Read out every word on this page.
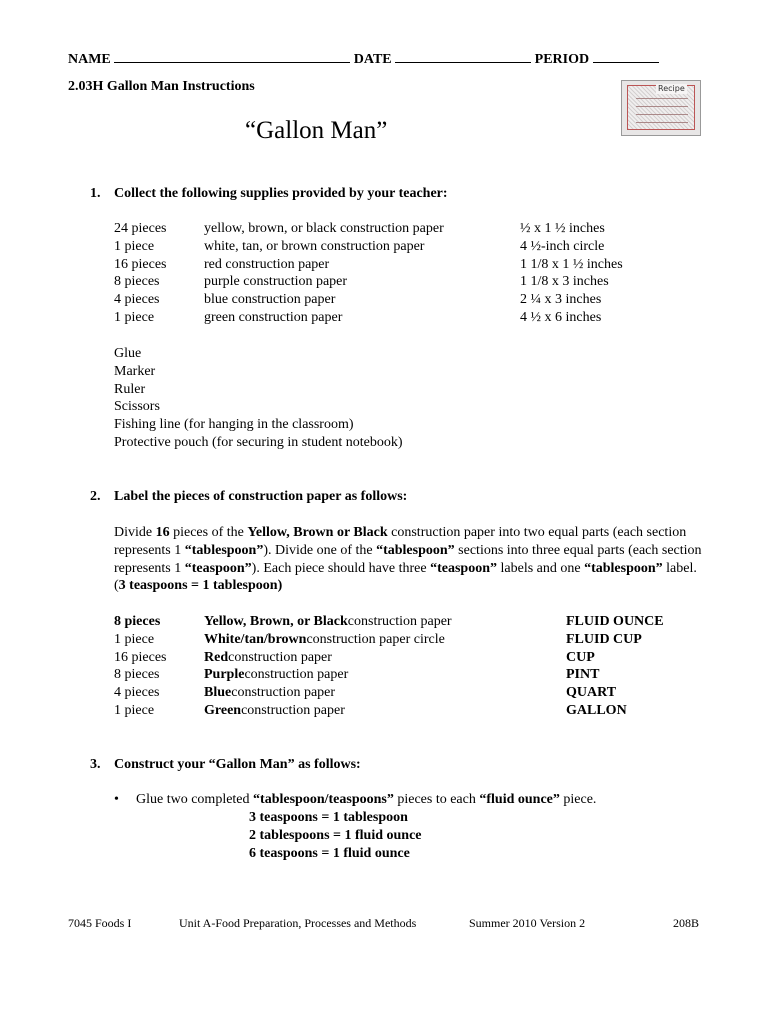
NAME	DATE	PERIOD
2.03H Gallon Man Instructions	Recipe
“Gallon Man”
1. Collect the following supplies provided by your teacher:
24 pieces	yellow, brown, or black construction paper	½ x 1 ½ inches
1 piece	white, tan, or brown construction paper	4 ½-inch circle
16 pieces	red construction paper	1 1/8 x 1 ½ inches
8 pieces	purple construction paper	1 1/8 x 3 inches
4 pieces	blue construction paper	2 ¼ x 3 inches
1 piece	green construction paper	4 ½ x 6 inches
Glue
Marker
Ruler
Scissors
Fishing line (for hanging in the classroom)
Protective pouch (for securing in student notebook)
2. Label the pieces of construction paper as follows:
Divide 16 pieces of the Yellow, Brown or Black construction paper into two equal parts (each section represents 1 “tablespoon”). Divide one of the “tablespoon” sections into three equal parts (each section represents 1 “teaspoon”). Each piece should have three “teaspoon” labels and one “tablespoon” label. (3 teaspoons = 1 tablespoon)
8 pieces	Yellow, Brown, or Black construction paper	FLUID OUNCE
1 piece	White/tan/brown construction paper circle	FLUID CUP
16 pieces	Red construction paper	CUP
8 pieces	Purple construction paper	PINT
4 pieces	Blue construction paper	QUART
1 piece	Green construction paper	GALLON
3. Construct your “Gallon Man” as follows:
• Glue two completed “tablespoon/teaspoons” pieces to each “fluid ounce” piece.
3 teaspoons = 1 tablespoon
2 tablespoons = 1 fluid ounce
6 teaspoons = 1 fluid ounce
7045 Foods I	Unit A-Food Preparation, Processes and Methods	Summer 2010 Version 2	208B
